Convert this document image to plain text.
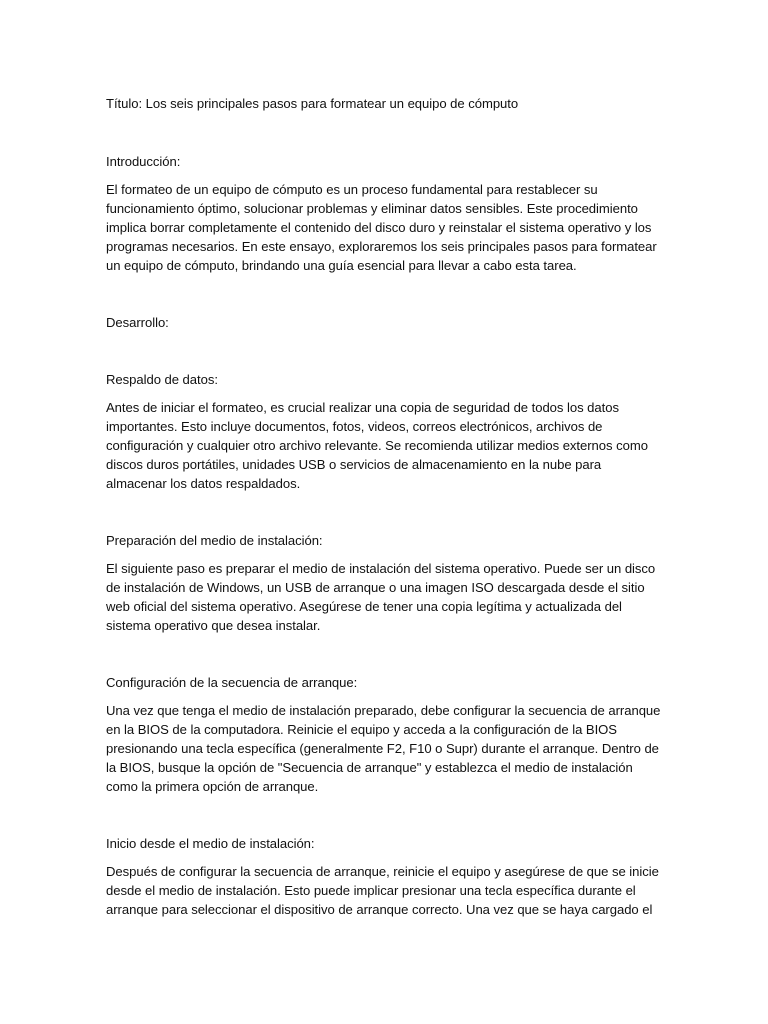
Título: Los seis principales pasos para formatear un equipo de cómputo

Introducción:

El formateo de un equipo de cómputo es un proceso fundamental para restablecer su funcionamiento óptimo, solucionar problemas y eliminar datos sensibles. Este procedimiento implica borrar completamente el contenido del disco duro y reinstalar el sistema operativo y los programas necesarios. En este ensayo, exploraremos los seis principales pasos para formatear un equipo de cómputo, brindando una guía esencial para llevar a cabo esta tarea.

Desarrollo:

Respaldo de datos:

Antes de iniciar el formateo, es crucial realizar una copia de seguridad de todos los datos importantes. Esto incluye documentos, fotos, videos, correos electrónicos, archivos de configuración y cualquier otro archivo relevante. Se recomienda utilizar medios externos como discos duros portátiles, unidades USB o servicios de almacenamiento en la nube para almacenar los datos respaldados.

Preparación del medio de instalación:

El siguiente paso es preparar el medio de instalación del sistema operativo. Puede ser un disco de instalación de Windows, un USB de arranque o una imagen ISO descargada desde el sitio web oficial del sistema operativo. Asegúrese de tener una copia legítima y actualizada del sistema operativo que desea instalar.

Configuración de la secuencia de arranque:

Una vez que tenga el medio de instalación preparado, debe configurar la secuencia de arranque en la BIOS de la computadora. Reinicie el equipo y acceda a la configuración de la BIOS presionando una tecla específica (generalmente F2, F10 o Supr) durante el arranque. Dentro de la BIOS, busque la opción de "Secuencia de arranque" y establezca el medio de instalación como la primera opción de arranque.

Inicio desde el medio de instalación:

Después de configurar la secuencia de arranque, reinicie el equipo y asegúrese de que se inicie desde el medio de instalación. Esto puede implicar presionar una tecla específica durante el arranque para seleccionar el dispositivo de arranque correcto. Una vez que se haya cargado el
